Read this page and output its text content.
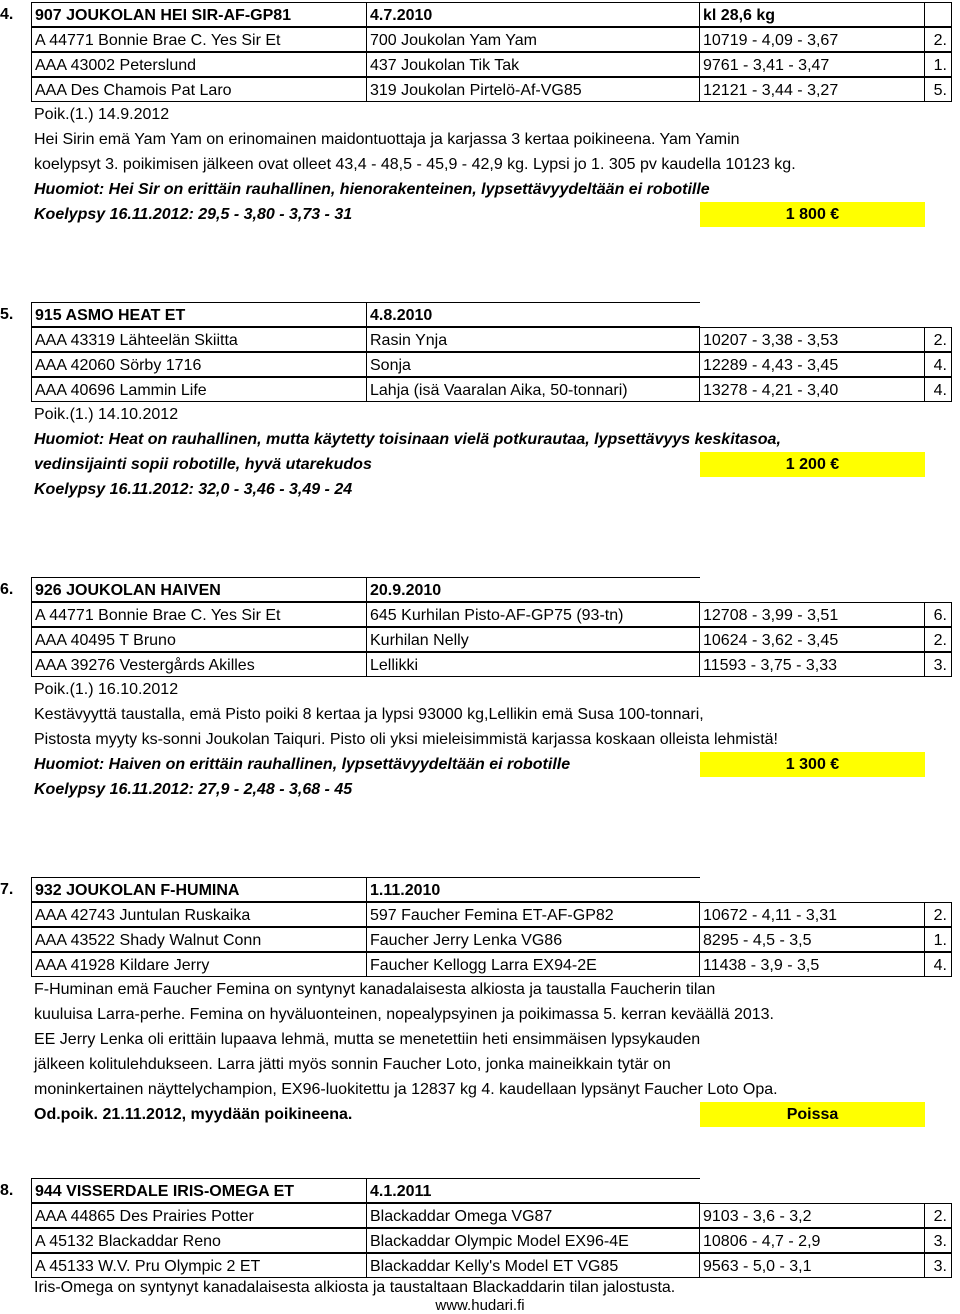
4.	907 JOUKOLAN HEI SIR-AF-GP81	4.7.2010	kl 28,6 kg
A 44771 Bonnie Brae C. Yes Sir Et	700 Joukolan Yam Yam	10719 - 4,09 - 3,67	2.
AAA 43002 Peterslund	437 Joukolan Tik Tak	9761 - 3,41 - 3,47	1.
AAA Des Chamois Pat Laro	319 Joukolan Pirtelö-Af-VG85	12121 - 3,44 - 3,27	5.
Poik.(1.) 14.9.2012
Hei Sirin emä Yam Yam on erinomainen maidontuottaja ja karjassa 3 kertaa poikineena. Yam Yamin
koelypsyt 3. poikimisen jälkeen ovat olleet 43,4 - 48,5 - 45,9 - 42,9 kg. Lypsi jo 1. 305 pv kaudella 10123 kg.
Huomiot: Hei Sir on erittäin rauhallinen, hienorakenteinen, lypsettävyydeltään ei robotille
Koelypsy 16.11.2012: 29,5 - 3,80 - 3,73 - 31	1 800 €
5.	915 ASMO HEAT ET	4.8.2010
AAA 43319 Lähteelän Skiitta	Rasin Ynja	10207 - 3,38 - 3,53	2.
AAA 42060 Sörby 1716	Sonja	12289 - 4,43 - 3,45	4.
AAA 40696 Lammin Life	Lahja (isä Vaaralan Aika, 50-tonnari)	13278 - 4,21 - 3,40	4.
Poik.(1.) 14.10.2012
Huomiot: Heat on rauhallinen, mutta käytetty toisinaan vielä potkurautaa, lypsettävyys keskitasoa,
vedinsijainti sopii robotille, hyvä utarekudos	1 200 €
Koelypsy 16.11.2012: 32,0 - 3,46 - 3,49 - 24
6.	926 JOUKOLAN HAIVEN	20.9.2010
A 44771 Bonnie Brae C. Yes Sir Et	645 Kurhilan Pisto-AF-GP75 (93-tn)	12708 - 3,99 - 3,51	6.
AAA 40495 T Bruno	Kurhilan Nelly	10624 - 3,62 - 3,45	2.
AAA 39276 Vestergårds Akilles	Lellikki	11593 - 3,75 - 3,33	3.
Poik.(1.) 16.10.2012
Kestävyyttä taustalla, emä Pisto poiki 8 kertaa ja lypsi 93000 kg,Lellikin emä Susa 100-tonnari,
Pistosta myyty ks-sonni Joukolan Taiquri. Pisto oli yksi mieleisimmistä karjassa koskaan olleista lehmistä!
Huomiot: Haiven on erittäin rauhallinen, lypsettävyydeltään ei robotille	1 300 €
Koelypsy 16.11.2012: 27,9 - 2,48 - 3,68 - 45
7.	932 JOUKOLAN F-HUMINA	1.11.2010
AAA 42743 Juntulan Ruskaika	597 Faucher Femina ET-AF-GP82	10672 - 4,11 - 3,31	2.
AAA 43522 Shady Walnut Conn	Faucher Jerry Lenka VG86	8295 - 4,5 - 3,5	1.
AAA 41928 Kildare Jerry	Faucher Kellogg Larra EX94-2E	11438 - 3,9 - 3,5	4.
F-Huminan emä Faucher Femina on syntynyt kanadalaisesta alkiosta ja taustalla Faucherin tilan
kuuluisa Larra-perhe. Femina on hyväluonteinen, nopealypsyinen ja poikimassa 5. kerran keväällä 2013.
EE Jerry Lenka oli erittäin lupaava lehmä, mutta se menetettiin heti ensimmäisen lypsykauden
jälkeen kolitulehdukseen. Larra jätti myös sonnin Faucher Loto, jonka maineikkain tytär on
moninkertainen näyttelychampion, EX96-luokitettu ja 12837 kg 4. kaudellaan lypsänyt Faucher Loto Opa.
Od.poik. 21.11.2012, myydään poikineena.	Poissa
8.	944 VISSERDALE IRIS-OMEGA ET	4.1.2011
AAA 44865 Des Prairies Potter	Blackaddar Omega VG87	9103 - 3,6 - 3,2	2.
A 45132 Blackaddar Reno	Blackaddar Olympic Model EX96-4E	10806 - 4,7 - 2,9	3.
A 45133 W.V. Pru Olympic 2 ET	Blackaddar Kelly's Model ET VG85	9563 - 5,0 - 3,1	3.
Iris-Omega on syntynyt kanadalaisesta alkiosta ja taustaltaan Blackaddarin tilan jalostusta.
www.hudari.fi
